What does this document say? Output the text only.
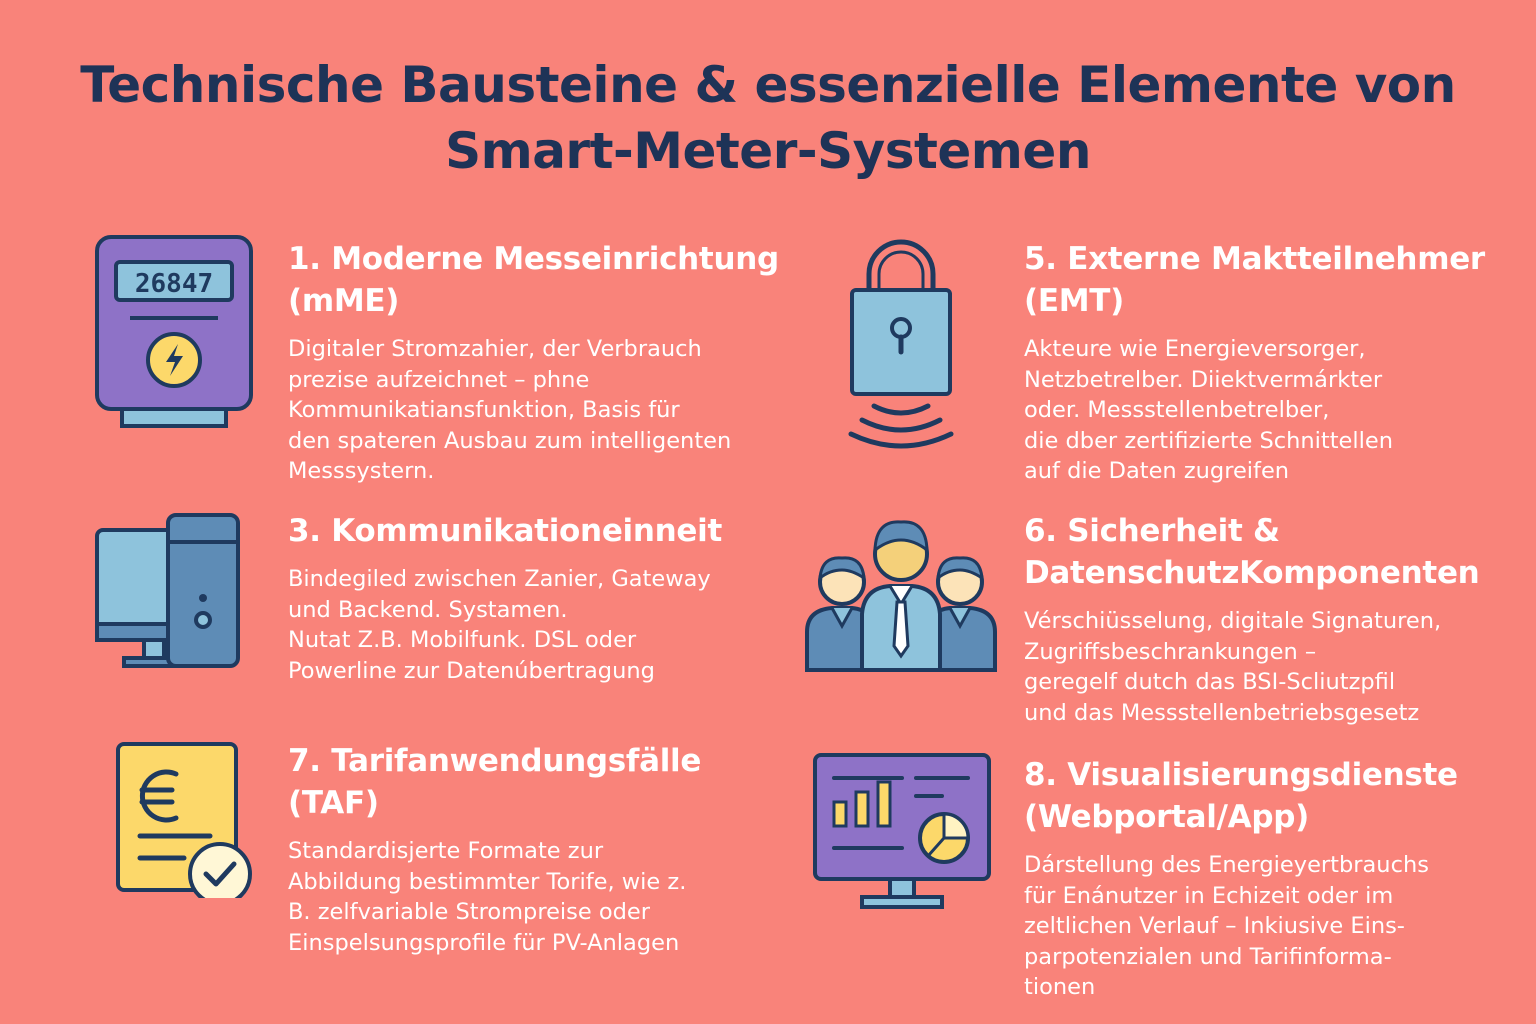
Technische Bausteine & essenzielle Elemente von
Smart-Meter-Systemen
26847
1. Moderne Messeinrichtung
(mME)
Digitaler Stromzahier, der Verbrauch
prezise aufzeichnet – phne
Kommunikatiansfunktion, Basis für
den spateren Ausbau zum intelligenten
Messsystern.
3. Kommunikationeinneit
Bindegiled zwischen Zanier, Gateway
und Backend. Systamen.
Nutat Z.B. Mobilfunk. DSL oder
Powerline zur Datenúbertragung
7. Tarifanwendungsfälle
(TAF)
Standardisjerte Formate zur
Abbildung bestimmter Torife, wie z.
B. zelfvariable Strompreise oder
Einspelsungsprofile für PV-Anlagen
5. Externe Maktteilnehmer
(EMT)
Akteure wie Energieversorger,
Netzbetrelber. Diiektvermárkter
oder. Messstellenbetrelber,
die dber zertifizierte Schnittellen
auf die Daten zugreifen
6. Sicherheit &
DatenschutzKomponenten
Vérschiüsselung, digitale Signaturen,
Zugriffsbeschrankungen –
geregelf dutch das BSI-Scliutzpfil
und das Messstellenbetriebsgesetz
8. Visualisierungsdienste
(Webportal/App)
Dárstellung des Energieyertbrauchs
für Enánutzer in Echizeit oder im
zeltlichen Verlauf – Inkiusive Eins-
parpotenzialen und Tarifinforma-
tionen
